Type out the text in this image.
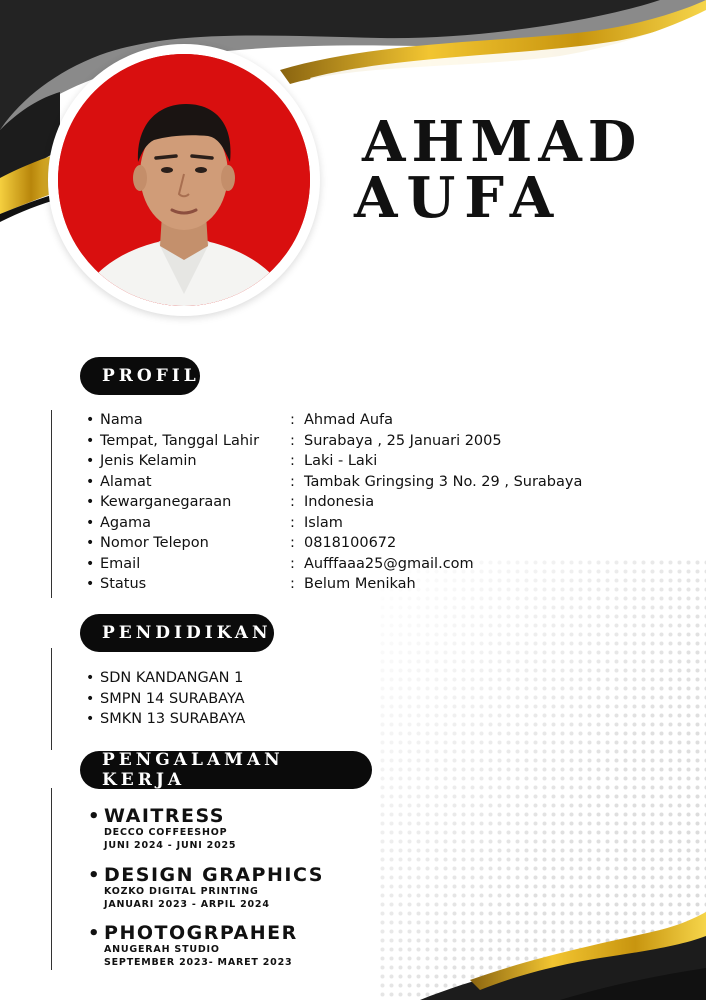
AHMAD
AUFA
PROFIL
• Nama	: Ahmad Aufa
• Tempat, Tanggal Lahir	: Surabaya , 25 Januari 2005
• Jenis Kelamin	: Laki - Laki
• Alamat	: Tambak Gringsing 3 No. 29 , Surabaya
• Kewarganegaraan	: Indonesia
• Agama	: Islam
• Nomor Telepon	: 0818100672
• Email	: Aufffaaa25@gmail.com
• Status	: Belum Menikah
PENDIDIKAN
• SDN KANDANGAN 1
• SMPN 14 SURABAYA
• SMKN 13 SURABAYA
PENGALAMAN KERJA
• WAITRESS
DECCO COFFEESHOP
JUNI 2024 - JUNI 2025
• DESIGN GRAPHICS
KOZKO DIGITAL PRINTING
JANUARI 2023 - ARPIL 2024
• PHOTOGRPAHER
ANUGERAH STUDIO
SEPTEMBER 2023- MARET 2023
